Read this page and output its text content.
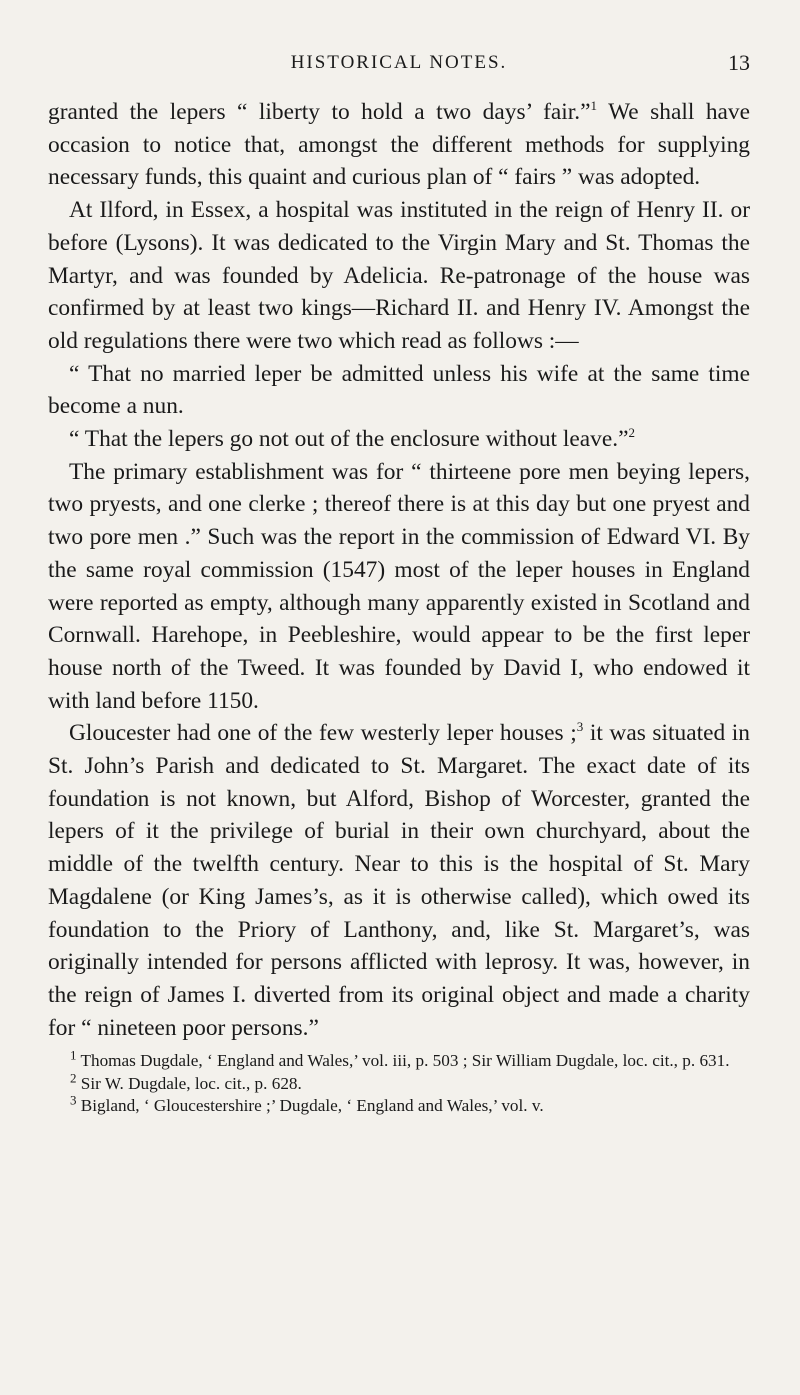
HISTORICAL NOTES.	13

granted the lepers “ liberty to hold a two days’ fair.”$^1$ We shall have occasion to notice that, amongst the different methods for supplying necessary funds, this quaint and curious plan of “ fairs ” was adopted.

At Ilford, in Essex, a hospital was instituted in the reign of Henry II. or before (Lysons). It was dedicated to the Virgin Mary and St. Thomas the Martyr, and was founded by Adelicia. Re-patronage of the house was confirmed by at least two kings—Richard II. and Henry IV. Amongst the old regulations there were two which read as follows :—

“ That no married leper be admitted unless his wife at the same time become a nun.

“ That the lepers go not out of the enclosure without leave.”$^2$

The primary establishment was for “ thirteene pore men beying lepers, two pryests, and one clerke ; thereof there is at this day but one pryest and two pore men .” Such was the report in the commission of Edward VI. By the same royal commission (1547) most of the leper houses in England were reported as empty, although many apparently existed in Scotland and Cornwall. Harehope, in Peebleshire, would appear to be the first leper house north of the Tweed. It was founded by David I, who endowed it with land before 1150.

Gloucester had one of the few westerly leper houses ;$^3$ it was situated in St. John’s Parish and dedicated to St. Margaret. The exact date of its foundation is not known, but Alford, Bishop of Worcester, granted the lepers of it the privilege of burial in their own churchyard, about the middle of the twelfth century. Near to this is the hospital of St. Mary Magdalene (or King James’s, as it is otherwise called), which owed its foundation to the Priory of Lanthony, and, like St. Margaret’s, was originally intended for persons afflicted with leprosy. It was, however, in the reign of James I. diverted from its original object and made a charity for “ nineteen poor persons.”

$^1$ Thomas Dugdale, ‘ England and Wales,’ vol. iii, p. 503 ; Sir William Dugdale, loc. cit., p. 631.

$^2$ Sir W. Dugdale, loc. cit., p. 628.

$^3$ Bigland, ‘ Gloucestershire ;’ Dugdale, ‘ England and Wales,’ vol. v.
